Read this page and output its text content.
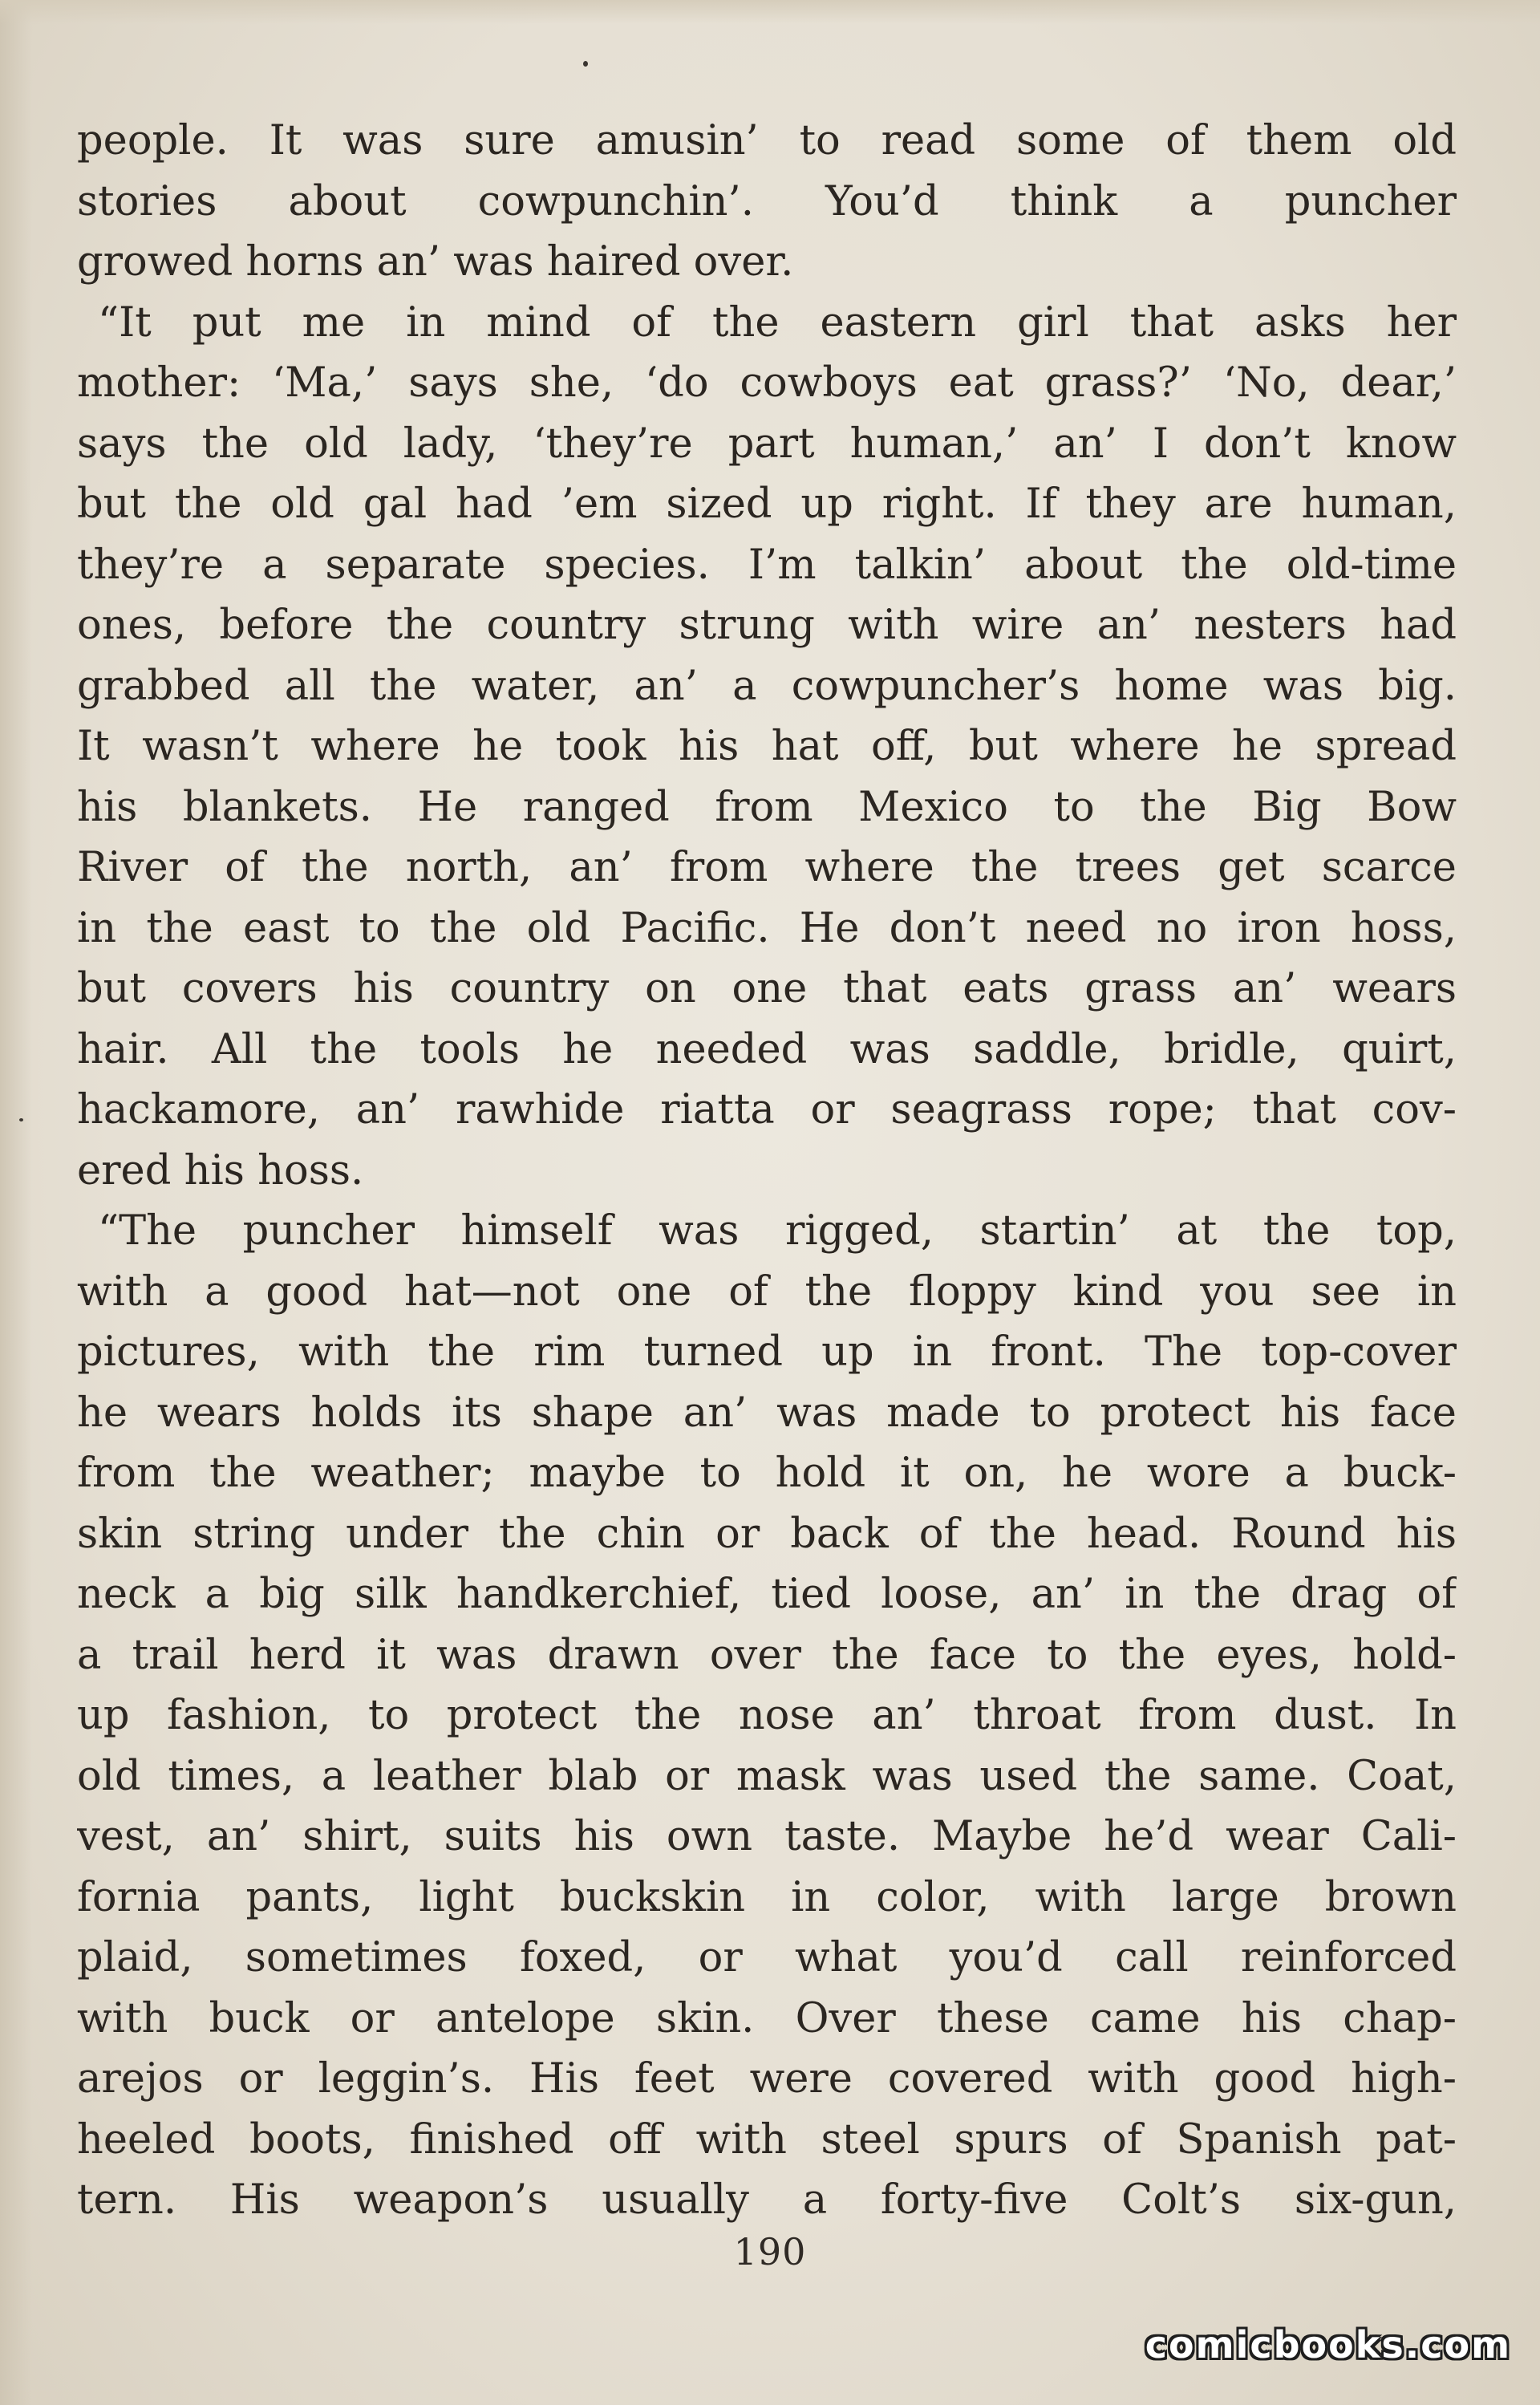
people. It was sure amusin’ to read some of them old
stories about cowpunchin’. You’d think a puncher
growed horns an’ was haired over.
“It put me in mind of the eastern girl that asks her
mother: ‘Ma,’ says she, ‘do cowboys eat grass?’ ‘No, dear,’
says the old lady, ‘they’re part human,’ an’ I don’t know
but the old gal had ’em sized up right. If they are human,
they’re a separate species. I’m talkin’ about the old-time
ones, before the country strung with wire an’ nesters had
grabbed all the water, an’ a cowpuncher’s home was big.
It wasn’t where he took his hat off, but where he spread
his blankets. He ranged from Mexico to the Big Bow
River of the north, an’ from where the trees get scarce
in the east to the old Pacific. He don’t need no iron hoss,
but covers his country on one that eats grass an’ wears
hair. All the tools he needed was saddle, bridle, quirt,
hackamore, an’ rawhide riatta or seagrass rope; that cov-
ered his hoss.
“The puncher himself was rigged, startin’ at the top,
with a good hat—not one of the floppy kind you see in
pictures, with the rim turned up in front. The top-cover
he wears holds its shape an’ was made to protect his face
from the weather; maybe to hold it on, he wore a buck-
skin string under the chin or back of the head. Round his
neck a big silk handkerchief, tied loose, an’ in the drag of
a trail herd it was drawn over the face to the eyes, hold-
up fashion, to protect the nose an’ throat from dust. In
old times, a leather blab or mask was used the same. Coat,
vest, an’ shirt, suits his own taste. Maybe he’d wear Cali-
fornia pants, light buckskin in color, with large brown
plaid, sometimes foxed, or what you’d call reinforced
with buck or antelope skin. Over these came his chap-
arejos or leggin’s. His feet were covered with good high-
heeled boots, finished off with steel spurs of Spanish pat-
tern. His weapon’s usually a forty-five Colt’s six-gun,
190
comicbooks.com
